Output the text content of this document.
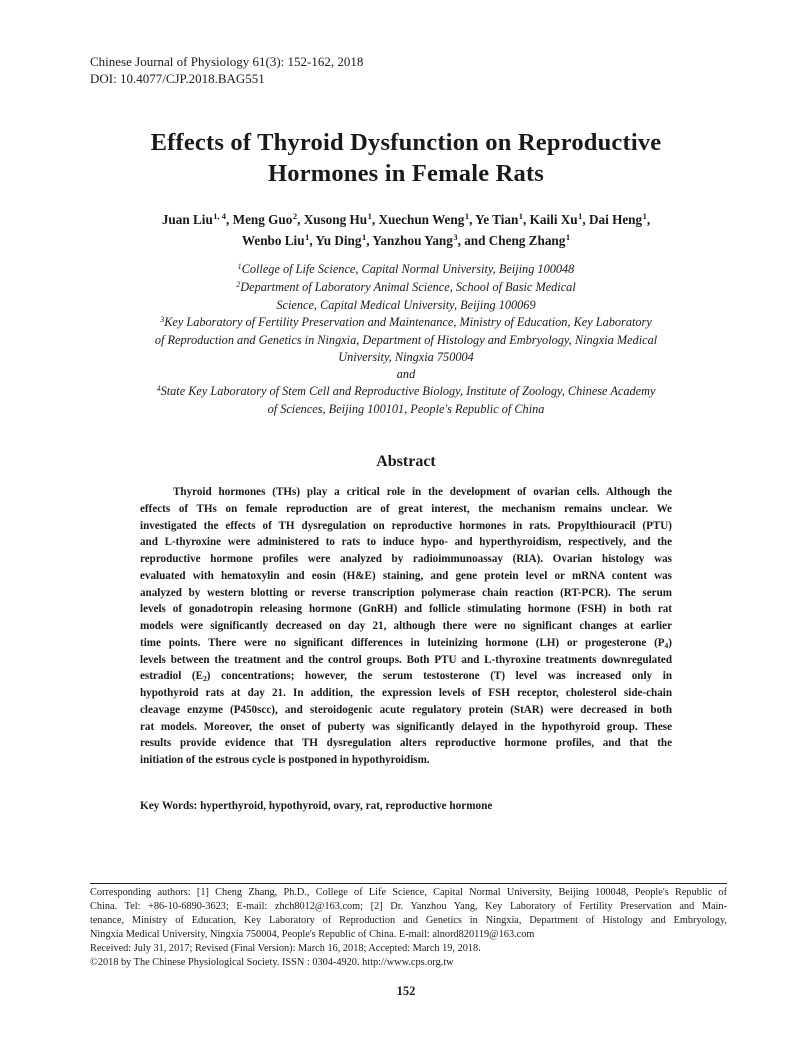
Chinese Journal of Physiology 61(3): 152-162, 2018
DOI: 10.4077/CJP.2018.BAG551
Effects of Thyroid Dysfunction on Reproductive
Hormones in Female Rats
Juan Liu$^{1, 4}$, Meng Guo$^2$, Xusong Hu$^1$, Xuechun Weng$^1$, Ye Tian$^1$, Kaili Xu$^1$, Dai Heng$^1$,
Wenbo Liu$^1$, Yu Ding$^1$, Yanzhou Yang$^3$, and Cheng Zhang$^1$
$^1$College of Life Science, Capital Normal University, Beijing 100048
$^2$Department of Laboratory Animal Science, School of Basic Medical
Science, Capital Medical University, Beijing 100069
$^3$Key Laboratory of Fertility Preservation and Maintenance, Ministry of Education, Key Laboratory
of Reproduction and Genetics in Ningxia, Department of Histology and Embryology, Ningxia Medical
University, Ningxia 750004
and
$^4$State Key Laboratory of Stem Cell and Reproductive Biology, Institute of Zoology, Chinese Academy
of Sciences, Beijing 100101, People's Republic of China
Abstract
Thyroid hormones (THs) play a critical role in the development of ovarian cells. Although the
effects of THs on female reproduction are of great interest, the mechanism remains unclear. We
investigated the effects of TH dysregulation on reproductive hormones in rats. Propylthiouracil (PTU)
and L-thyroxine were administered to rats to induce hypo- and hyperthyroidism, respectively, and the
reproductive hormone profiles were analyzed by radioimmunoassay (RIA). Ovarian histology was
evaluated with hematoxylin and eosin (H&E) staining, and gene protein level or mRNA content was
analyzed by western blotting or reverse transcription polymerase chain reaction (RT-PCR). The serum
levels of gonadotropin releasing hormone (GnRH) and follicle stimulating hormone (FSH) in both rat
models were significantly decreased on day 21, although there were no significant changes at earlier
time points. There were no significant differences in luteinizing hormone (LH) or progesterone $(P_4)$
levels between the treatment and the control groups. Both PTU and L-thyroxine treatments downregulated
estradiol $(E_2)$ concentrations; however, the serum testosterone (T) level was increased only in
hypothyroid rats at day 21. In addition, the expression levels of FSH receptor, cholesterol side-chain
cleavage enzyme (P450scc), and steroidogenic acute regulatory protein (StAR) were decreased in both
rat models. Moreover, the onset of puberty was significantly delayed in the hypothyroid group. These
results provide evidence that TH dysregulation alters reproductive hormone profiles, and that the
initiation of the estrous cycle is postponed in hypothyroidism.
Key Words: hyperthyroid, hypothyroid, ovary, rat, reproductive hormone
Corresponding authors: [1] Cheng Zhang, Ph.D., College of Life Science, Capital Normal University, Beijing 100048, People's Republic of
China. Tel: +86-10-6890-3623; E-mail: zhch8012@163.com; [2] Dr. Yanzhou Yang, Key Laboratory of Fertility Preservation and Main-
tenance, Ministry of Education, Key Laboratory of Reproduction and Genetics in Ningxia, Department of Histology and Embryology,
Ningxia Medical University, Ningxia 750004, People's Republic of China. E-mail: alnord820119@163.com
Received: July 31, 2017; Revised (Final Version): March 16, 2018; Accepted: March 19, 2018.
©2018 by The Chinese Physiological Society. ISSN : 0304-4920. http://www.cps.org.tw
152
